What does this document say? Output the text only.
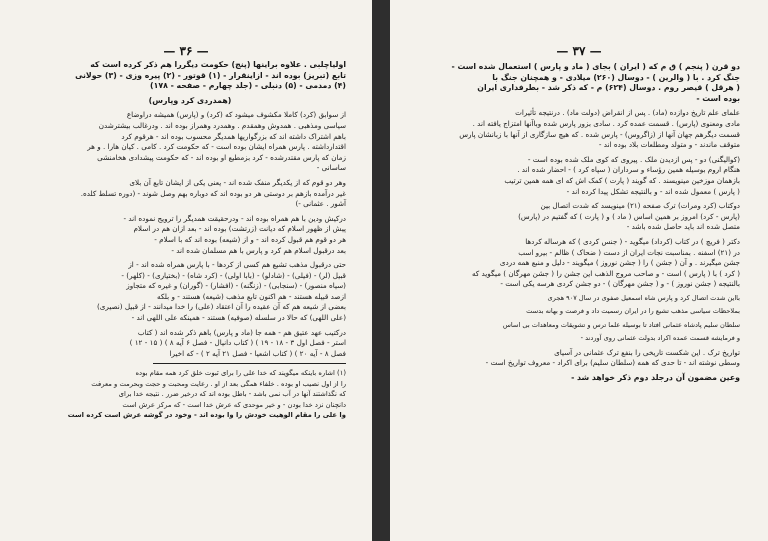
— ۳۶ —

اولیاچلبی . علاوه براینها (پنج) حکومت دیگررا هم ذکر کرده است که
تابع (تبریز) بوده اند - ازاینقرار - (۱) قوتور - (۲) پیره وزی - (۳) حولانی
(۴) دمدمی - (۵) دنبلی - (جلد چهارم - صفحه - ۱۷۸)

(همدردی کرد وپارس)

از سوابق (کرد) کاملا مکشوف میشود که (کرد) و (پارس) همیشه دراوضاع
سیاسی ومذهبی . همدوش وهمقدم . وهمدرد وهمراز بوده اند . ودرغالب بیشترشدن
باهم اشتراک داشته اند که بزرگواریها همدیگر محسوب بوده اند - هرقوم کرد
اقتدارداشته . پارس همراه ایشان بوده است - که حکومت کرد . کامی . کیان هارا . و هر
زمان که پارس مقتدرشده - کرد بزمطیع او بوده اند - که حکومت پیشدادی هخامنشی
ساسانی -

وهر دو قوم که از یکدیگر منفک شده اند - یعنی یکی از ایشان تابع آن بلای
غیر درآمده بازهم بر دوستی هر دو بوده اند که دوباره بهم وصل شوند - (دوره تسلط کلده.
آشور . عثمانی -)

درکیش ودین با هم همراه بوده اند - ودرحقیقت همدیگر را ترویج نموده اند -
پیش از ظهور اسلام که دیانت (زرتشت) بوده اند - بعد ازان هم در اسلام
هر دو قوم هم قبول کرده اند - و از (شیعه) بوده اند که با اسلام -
بعد درقبول اسلام هم کرد و پارس با هم مسلمان شده اند -

حتی درقبول مذهب تشیع هم کسی از کردها - با پارس همراه شده اند - از
قبیل (لر) - (فیلی) - (شادلو) - (بابا اولی) - (کرد شاه) - (بختیاری) - (کلهر) -
(سیاه منصور) - (سنجابی) - (زنگنه) - (افشار) - (گوران) و غیره که متجاوز
ازصد قبیله هستند - هم اکنون تابع مذهب (شیعه) هستند - و بلکه
بعضی از شیعه هم که آن عقیده را آن اعتقاد (علی) را خدا میدانند - از قبیل (نصیری)
(علی اللهی) که حالا در سلسله (صوفیه) هستند - همینکه علی اللهی اند -

درکتیب عهد عتیق هم - همه جا (ماد و پارس) باهم ذکر شده اند ( کتاب
استر - فصل اول ۳ - ۱۸ - ۱۹ ) ( کتاب دانیال - فصل ۶ آیه ۸ ) ( ۱۵ - ۱۲ )
فصل ۸ - آیه ۲۰ ) ( کتاب اشعیا - فصل ۲۱ آیه ۲ ) - که اخیرا

(۱) اشاره باینکه میگویند که خدا علی را برای ثبوت خلق کرد همه مقام بوده
را از اول نصیب او بوده . خلفاء همگی بعد از او . رعایت ومحبت و حجت وبحرمت و معرفت
که نگذاشتند آنها در آب نمی باشد - باطل بوده اند که درخیر ضرر . نتیجه خدا برای
دانچنان نزد خدا بودن - و خیر موحدی که عرش خدا است - که مرکز عرش است
وا علی را مقام الوهیت خودش را وا بوده اند - وخود در گوشه عرش است کرده است
— ۳۷ —

دو قرن ( پنجم ) ق م که ( ایران ) بجای ( ماد و پارس ) استعمال شده است -
جنگ کرد . با ( والرین ) - دوسال (۲۶۰) میلادی - و همچنان جنگ با
( هرقل ) قیصر روم . دوسال (۶۲۴) م - که ذکر شد - بطرفداری ایران
بوده است -

علمای علم تاریخ دوازده (ماد) . پس از انقراض (دولت ماد) . درنتیجه تأثیرات
مادی ومعنوی (پارس) . قسمت عمده کرد . سادی بزور پارس شده وباآنها امتزاج یافته اند .
قسمت دیگرهم جهان آنها از (زاگروس) - پارس شده . که هیچ سازگاری از آنها با زبانشان پارس
متوقف ماندند - و متولد ومطلعات بلاد بوده اند -

(کوالیگنی) دو - پس ازدیدن ملک . پیروی که کوی ملک شده بوده است -
هنگام اروم بوسیله همین رؤساء و سرداران ( سپاه کرد ) - احضار شده اند .
بازهمان موزخین مینویسند . که گویند ( پارت ) کمک اش که ای همه همین ترتیب
( پارس ) معمول شده اند - و بالنتیجه تشکل پیدا کرده اند -

دوکتاب (کرد ومرات) ترک صفحه (۲۱) مینویسد که شدت اتصال بین
(پارس - کرد) امروز بر همین اساس ( ماد ) و ( پارت ) که گفتیم در (پارس)
متصل شده اند باید حاصل شده باشد -

دکتر ( فریچ ) در کتاب (کرداد) میگوید - ( جنس کردی ) که هرساله کردها
در (۲۱) اسفنه . بمناسبت نجات ایران از دست ( ضحاک ) ظالم - بیرو اسب
جشن میگیرند . و آن ( جشن ) را ( جشن نوروز ) میگویند - دلیل و منبع همه دردی
( کرد ) با ( پارس ) است - و صاحب مروج الذهب این جشن را ( جشن مهرگان ) میگوید که
بالنتیجه ( جشن نوروز ) - و ( جشن مهرگان ) - دو جشن کردی هرسه یکی است -

بااین شدت اتصال کرد و پارس شاه اسمعیل صفوی در سال ۹۰۷ هجری

بملاحظات سیاسی مذهب تشیع را در ایران رسمیت داد و فرصت و بهانه بدست

سلطان سلیم پادشاه عثمانی افتاد تا بوسیله علما ترس و تشویقات ومعاهدات بی اساس

و فرمایشه قسمت عمده اکراد بدولت عثمانی روی آوردند -

تواریخ ترک . این شکست تاریخی را بنفع ترک عثمانی در آسیای
وسطی نوشته اند - تا حدی که همه (سلطان سلیم) برای اکراد - معروف تواریخ است -

وعین مضمون آن درجلد دوم ذکر خواهد شد -
